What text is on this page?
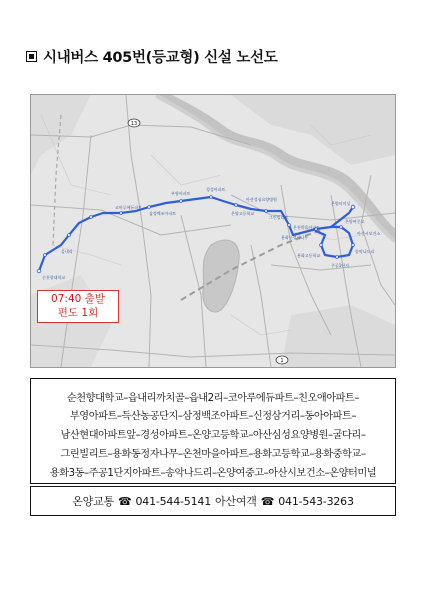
시내버스 405번(등교형) 신설 노선도
13
1
순천향대학교
읍내리
코아루에듀파트
삼정백조아파트
부영아파트
경성아파트
온양고등학교
아산성심요양병원
그린빌리트
용화동정자나무
온천마을아파트
용화고등학교
주공1단지
송악나드리
온양여중고
아산시보건소
온양터미널
07:40 출발
편도 1회
순천향대학교–읍내리까치골–읍내2리–코아루에듀파트–친오애아파트–
부영아파트–득산농공단지–삼정백조아파트–신정삼거리–동아아파트–
남산현대아파트앞–경성아파트–온양고등학교–아산심성요양병원–굴다리–
그린빌리트–용화동정자나무–온천마을아파트–용화고등학교–용화중학교–
용화3동–주공1단지아파트–송악나드리–온양여중고–아산시보건소–온양터미널
온양교통 ☎ 041-544-5141 아산여객 ☎ 041-543-3263
